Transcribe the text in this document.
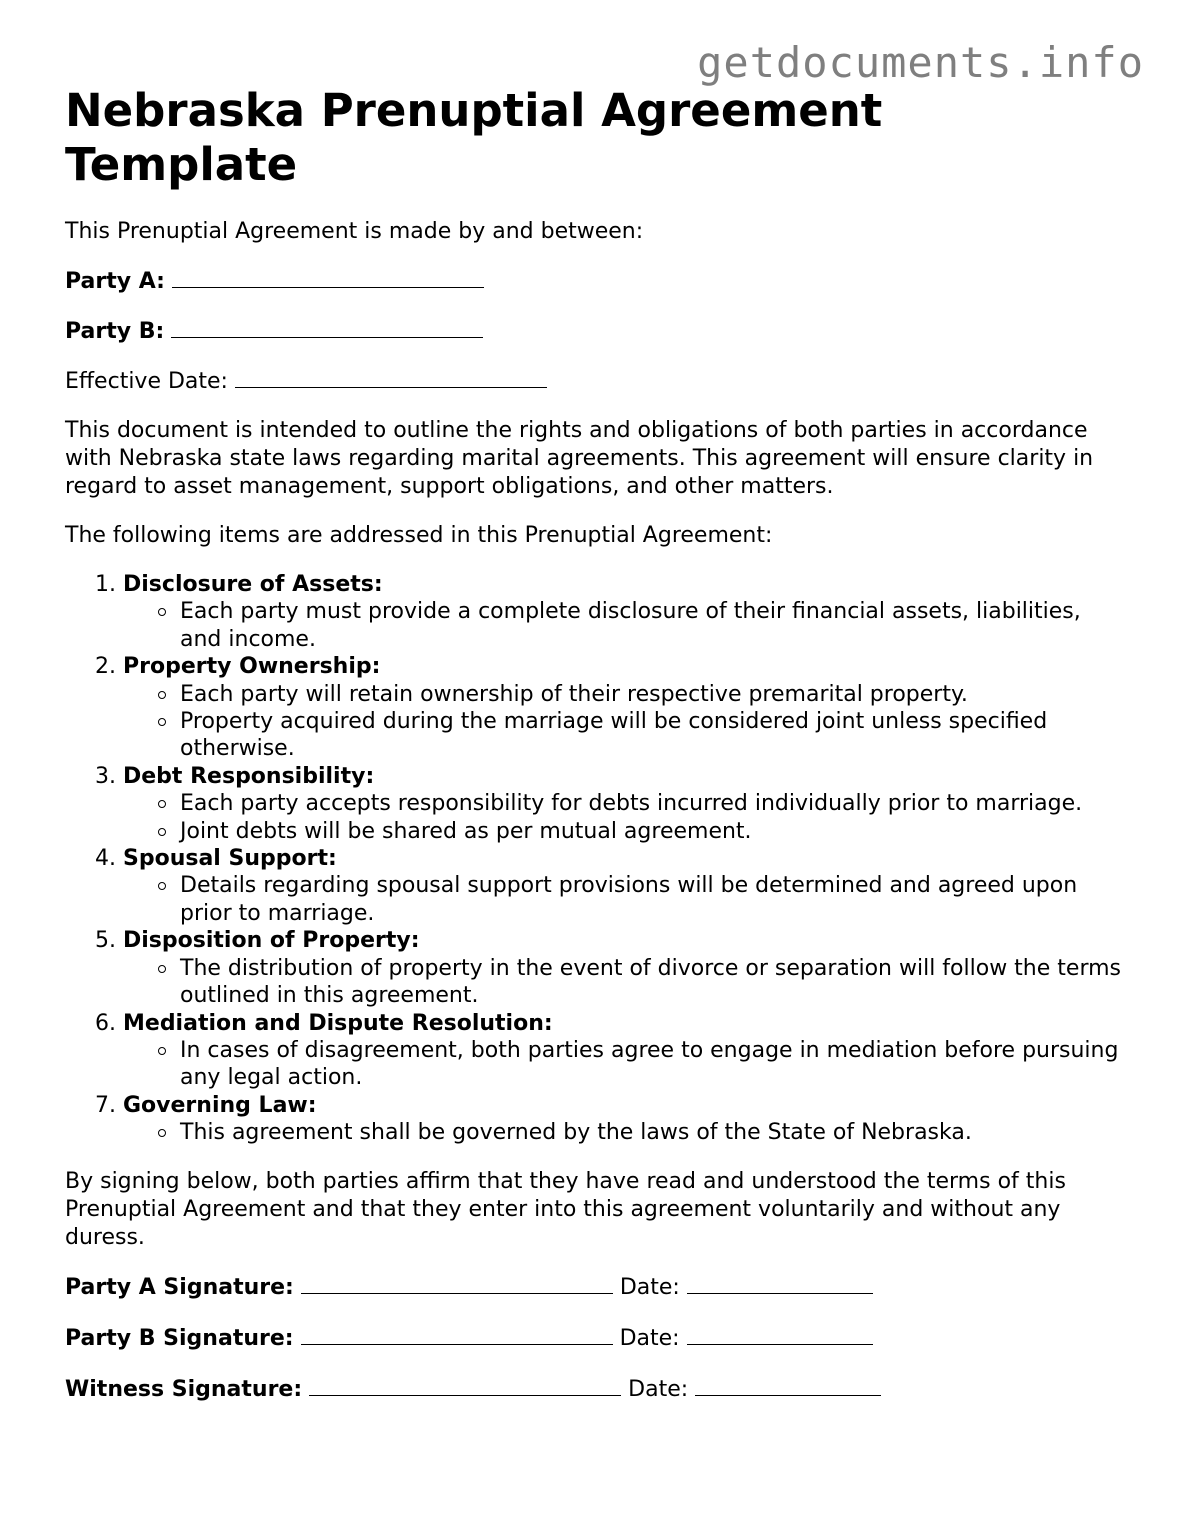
getdocuments.info
Nebraska Prenuptial Agreement Template

This Prenuptial Agreement is made by and between:

Party A:

Party B:

Effective Date:

This document is intended to outline the rights and obligations of both parties in accordance with Nebraska state laws regarding marital agreements. This agreement will ensure clarity in regard to asset management, support obligations, and other matters.

The following items are addressed in this Prenuptial Agreement:

1. Disclosure of Assets:
Each party must provide a complete disclosure of their financial assets, liabilities, and income.
2. Property Ownership:
Each party will retain ownership of their respective premarital property.
Property acquired during the marriage will be considered joint unless specified otherwise.
3. Debt Responsibility:
Each party accepts responsibility for debts incurred individually prior to marriage.
Joint debts will be shared as per mutual agreement.
4. Spousal Support:
Details regarding spousal support provisions will be determined and agreed upon prior to marriage.
5. Disposition of Property:
The distribution of property in the event of divorce or separation will follow the terms outlined in this agreement.
6. Mediation and Dispute Resolution:
In cases of disagreement, both parties agree to engage in mediation before pursuing any legal action.
7. Governing Law:
This agreement shall be governed by the laws of the State of Nebraska.

By signing below, both parties affirm that they have read and understood the terms of this Prenuptial Agreement and that they enter into this agreement voluntarily and without any duress.

Party A Signature:	Date:
Party B Signature:	Date:
Witness Signature:	Date:
